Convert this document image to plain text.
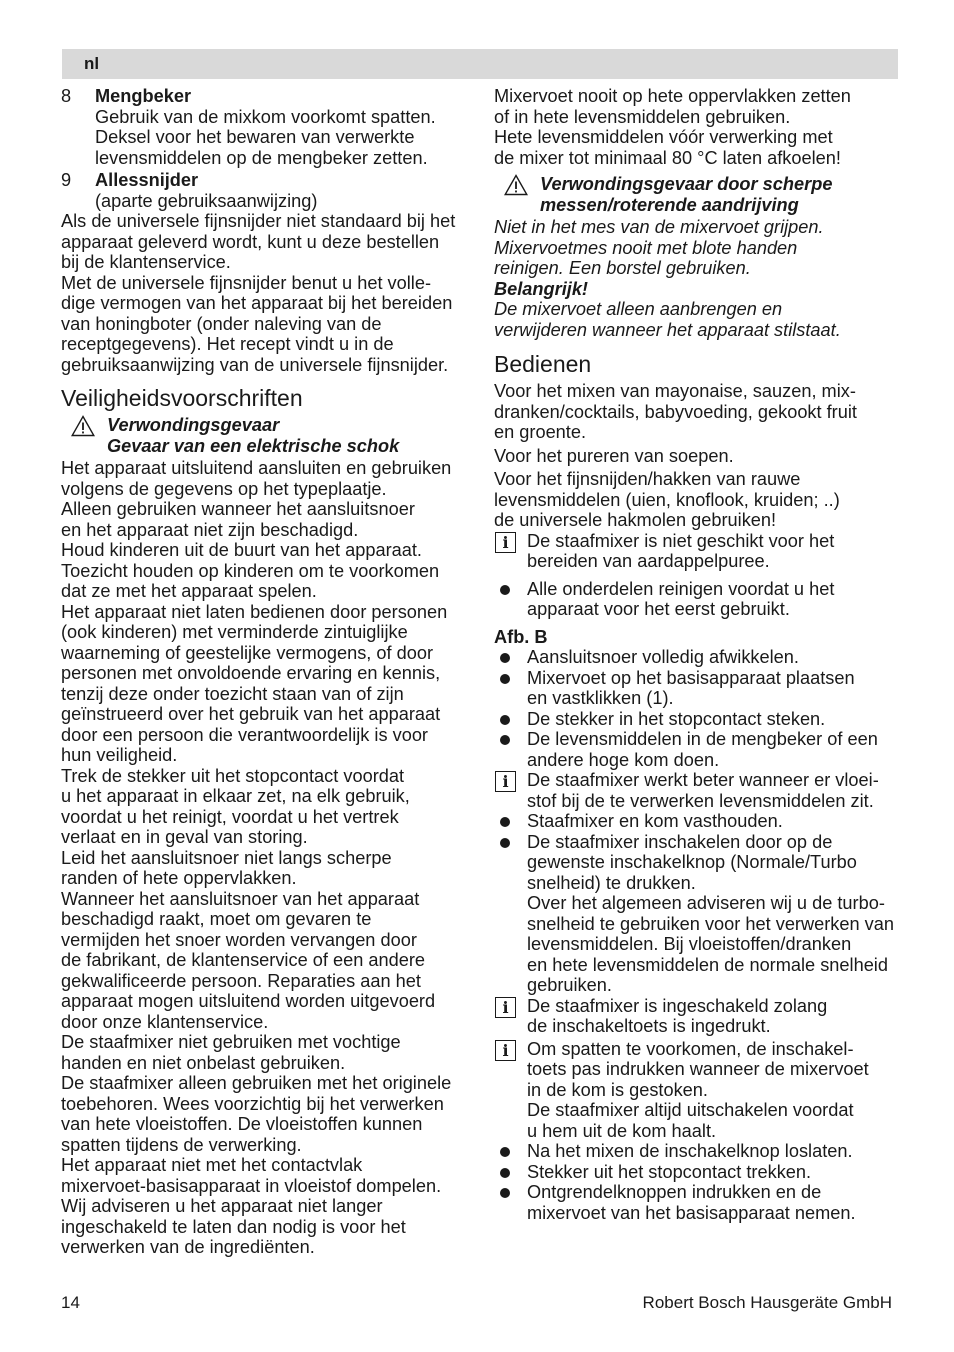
nl
8 Mengbeker
Gebruik van de mixkom voorkomt spatten.
Deksel voor het bewaren van verwerkte
levensmiddelen op de mengbeker zetten.
9 Allessnijder
(aparte gebruiksaanwijzing)
Als de universele fijnsnijder niet standaard bij het
apparaat geleverd wordt, kunt u deze bestellen
bij de klantenservice.
Met de universele fijnsnijder benut u het volle-
dige vermogen van het apparaat bij het bereiden
van honingboter (onder naleving van de
receptgegevens). Het recept vindt u in de
gebruiksaanwijzing van de universele fijnsnijder.
Veiligheidsvoorschriften
Verwondingsgevaar
Gevaar van een elektrische schok
Het apparaat uitsluitend aansluiten en gebruiken
volgens de gegevens op het typeplaatje.
Alleen gebruiken wanneer het aansluitsnoer
en het apparaat niet zijn beschadigd.
Houd kinderen uit de buurt van het apparaat.
Toezicht houden op kinderen om te voorkomen
dat ze met het apparaat spelen.
Het apparaat niet laten bedienen door personen
(ook kinderen) met verminderde zintuiglijke
waarneming of geestelijke vermogens, of door
personen met onvoldoende ervaring en kennis,
tenzij deze onder toezicht staan van of zijn
geïnstrueerd over het gebruik van het apparaat
door een persoon die verantwoordelijk is voor
hun veiligheid.
Trek de stekker uit het stopcontact voordat
u het apparaat in elkaar zet, na elk gebruik,
voordat u het reinigt, voordat u het vertrek
verlaat en in geval van storing.
Leid het aansluitsnoer niet langs scherpe
randen of hete oppervlakken.
Wanneer het aansluitsnoer van het apparaat
beschadigd raakt, moet om gevaren te
vermijden het snoer worden vervangen door
de fabrikant, de klantenservice of een andere
gekwalificeerde persoon. Reparaties aan het
apparaat mogen uitsluitend worden uitgevoerd
door onze klantenservice.
De staafmixer niet gebruiken met vochtige
handen en niet onbelast gebruiken.
De staafmixer alleen gebruiken met het originele
toebehoren. Wees voorzichtig bij het verwerken
van hete vloeistoffen. De vloeistoffen kunnen
spatten tijdens de verwerking.
Het apparaat niet met het contactvlak
mixervoet-basisapparaat in vloeistof dompelen.
Wij adviseren u het apparaat niet langer
ingeschakeld te laten dan nodig is voor het
verwerken van de ingrediënten.
Mixervoet nooit op hete oppervlakken zetten
of in hete levensmiddelen gebruiken.
Hete levensmiddelen vóór verwerking met
de mixer tot minimaal 80 °C laten afkoelen!
Verwondingsgevaar door scherpe
messen/roterende aandrijving
Niet in het mes van de mixervoet grijpen.
Mixervoetmes nooit met blote handen
reinigen. Een borstel gebruiken.
Belangrijk!
De mixervoet alleen aanbrengen en
verwijderen wanneer het apparaat stilstaat.
Bedienen
Voor het mixen van mayonaise, sauzen, mix-
dranken/cocktails, babyvoeding, gekookt fruit
en groente.
Voor het pureren van soepen.
Voor het fijnsnijden/hakken van rauwe
levensmiddelen (uien, knoflook, kruiden; ..)
de universele hakmolen gebruiken!
i	De staafmixer is niet geschikt voor het
bereiden van aardappelpuree.
Alle onderdelen reinigen voordat u het
apparaat voor het eerst gebruikt.
Afb. B
Aansluitsnoer volledig afwikkelen.
Mixervoet op het basisapparaat plaatsen
en vastklikken (1).
De stekker in het stopcontact steken.
De levensmiddelen in de mengbeker of een
andere hoge kom doen.
i	De staafmixer werkt beter wanneer er vloei-
stof bij de te verwerken levensmiddelen zit.
Staafmixer en kom vasthouden.
De staafmixer inschakelen door op de
gewenste inschakelknop (Normale/Turbo
snelheid) te drukken.
Over het algemeen adviseren wij u de turbo-
snelheid te gebruiken voor het verwerken van
levensmiddelen. Bij vloeistoffen/dranken
en hete levensmiddelen de normale snelheid
gebruiken.
i	De staafmixer is ingeschakeld zolang
de inschakeltoets is ingedrukt.
i	Om spatten te voorkomen, de inschakel-
toets pas indrukken wanneer de mixervoet
in de kom is gestoken.
De staafmixer altijd uitschakelen voordat
u hem uit de kom haalt.
Na het mixen de inschakelknop loslaten.
Stekker uit het stopcontact trekken.
Ontgrendelknoppen indrukken en de
mixervoet van het basisapparaat nemen.
14	Robert Bosch Hausgeräte GmbH
